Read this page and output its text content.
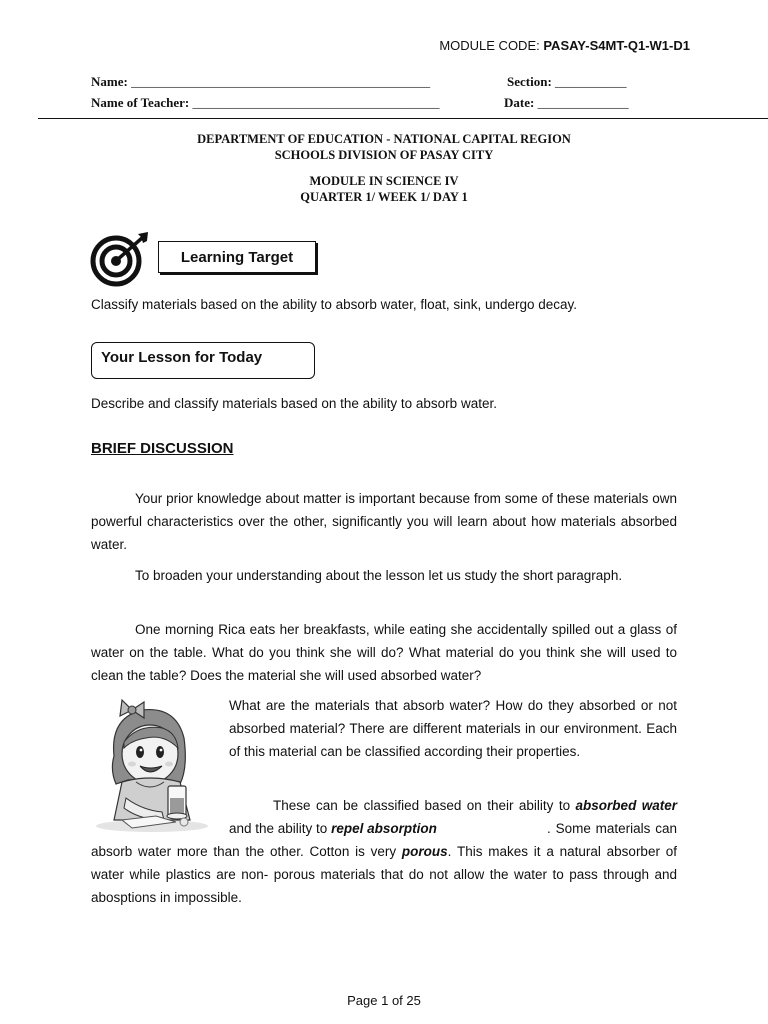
MODULE CODE: PASAY-S4MT-Q1-W1-D1
Name: ______________________________________________	Section: ___________
Name of Teacher: ______________________________________	Date: ______________
DEPARTMENT OF EDUCATION - NATIONAL CAPITAL REGION
SCHOOLS DIVISION OF PASAY CITY
MODULE IN SCIENCE IV
QUARTER 1/ WEEK 1/ DAY 1
Learning Target
Classify materials based on the ability to absorb water, float, sink, undergo decay.
Your Lesson for Today
Describe and classify materials based on the ability to absorb water.
BRIEF DISCUSSION
Your prior knowledge about matter is important because from some of these materials own powerful characteristics over the other, significantly you will learn about how materials absorbed water.
To broaden your understanding about the lesson let us study the short paragraph.
One morning Rica eats her breakfasts, while eating she accidentally spilled out a glass of water on the table. What do you think she will do? What material do you think she will used to clean the table? Does the material she will used absorbed water?
What are the materials that absorb water? How do they absorbed or not absorbed material? There are different materials in our environment. Each of this material can be classified according their properties.
These can be classified based on their ability to absorbed water and the ability to repel absorption	. Some materials can absorb water more than the other. Cotton is very porous. This makes it a natural absorber of water while plastics are non- porous materials that do not allow the water to pass through and abosptions in impossible.
Page 1 of 25
